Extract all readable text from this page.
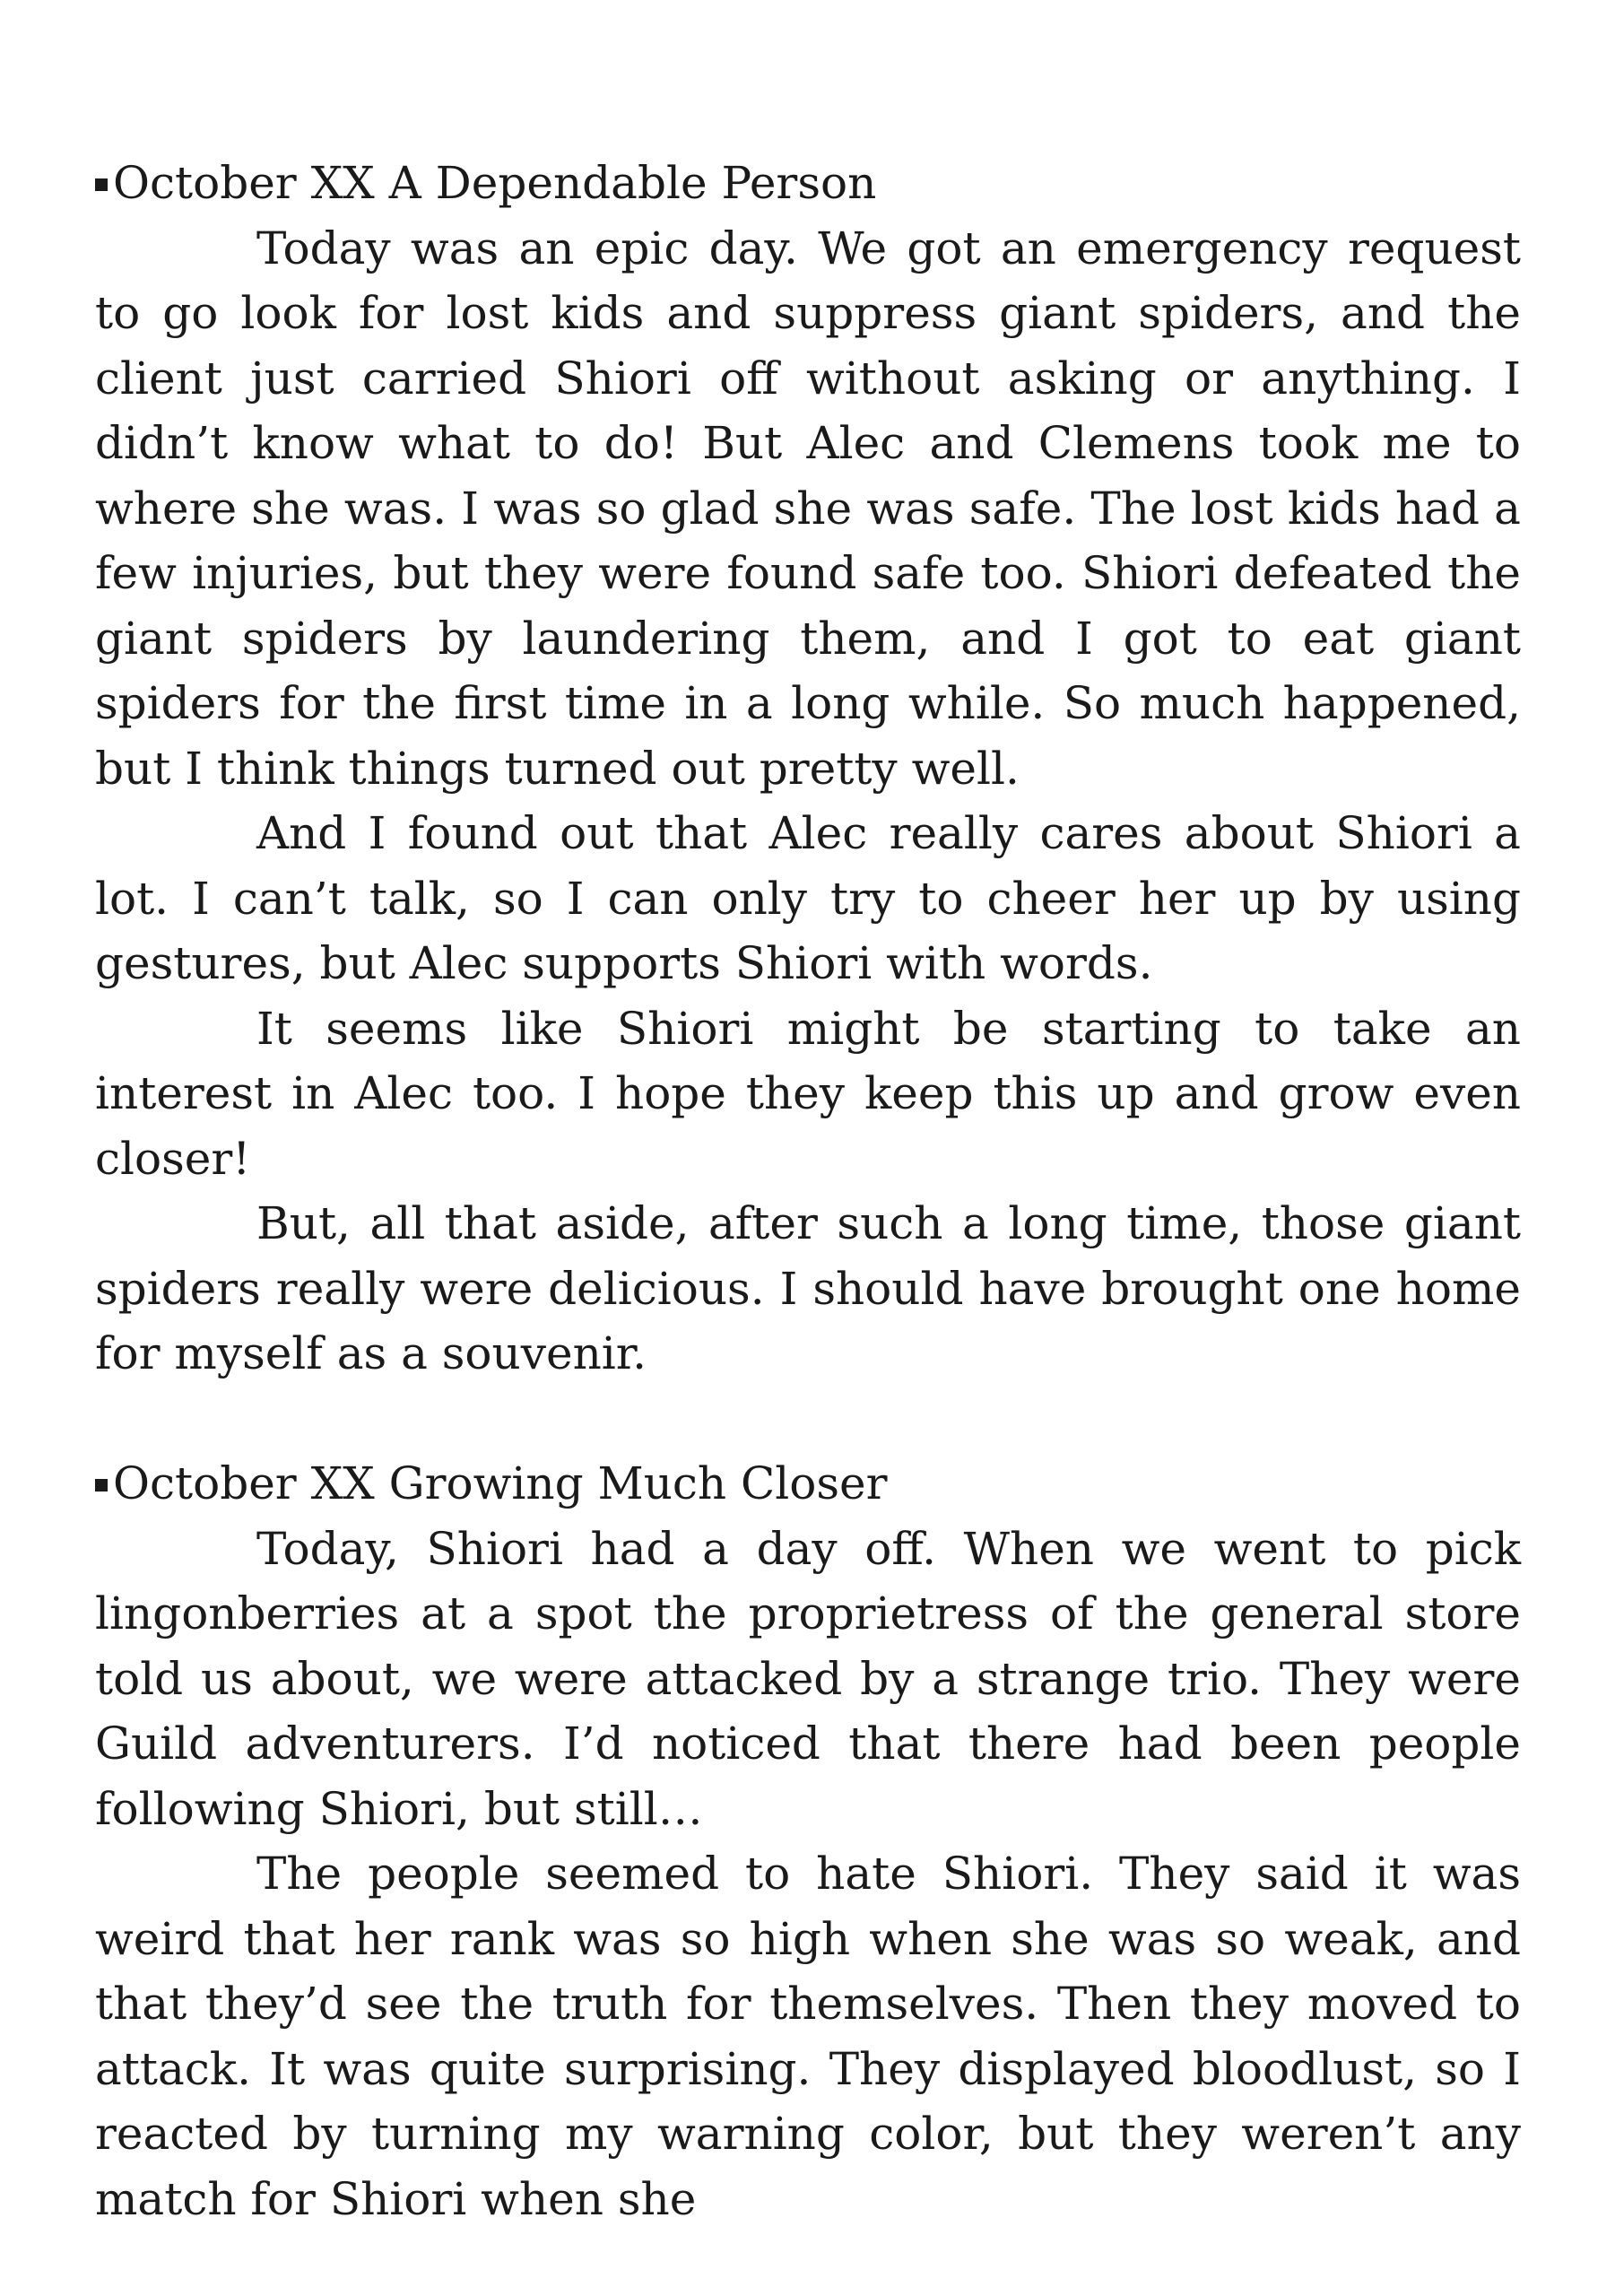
October XX A Dependable Person

Today was an epic day. We got an emergency request to go look for lost kids and suppress giant spiders, and the client just carried Shiori off without asking or anything. I didn’t know what to do! But Alec and Clemens took me to where she was. I was so glad she was safe. The lost kids had a few injuries, but they were found safe too. Shiori defeated the giant spiders by laundering them, and I got to eat giant spiders for the first time in a long while. So much happened, but I think things turned out pretty well.

And I found out that Alec really cares about Shiori a lot. I can’t talk, so I can only try to cheer her up by using gestures, but Alec supports Shiori with words.

It seems like Shiori might be starting to take an interest in Alec too. I hope they keep this up and grow even closer!

But, all that aside, after such a long time, those giant spiders really were delicious. I should have brought one home for myself as a souvenir.

October XX Growing Much Closer

Today, Shiori had a day off. When we went to pick lingonberries at a spot the proprietress of the general store told us about, we were attacked by a strange trio. They were Guild adventurers. I’d noticed that there had been people following Shiori, but still…

The people seemed to hate Shiori. They said it was weird that her rank was so high when she was so weak, and that they’d see the truth for themselves. Then they moved to attack. It was quite surprising. They displayed bloodlust, so I reacted by turning my warning color, but they weren’t any match for Shiori when she
